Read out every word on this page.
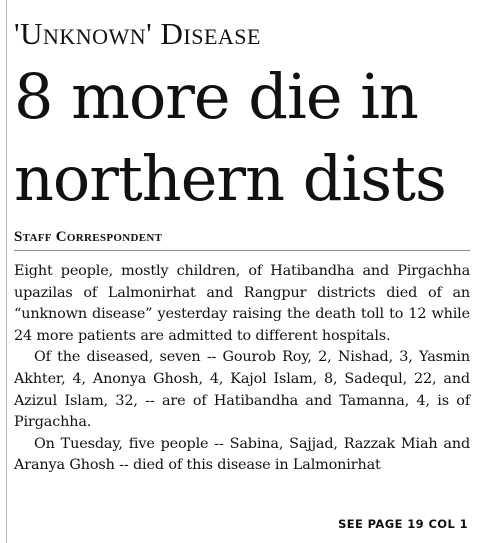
'Unknown' Disease
8 more die in
northern dists
Staff Correspondent

Eight people, mostly children, of Hatibandha and Pirgachha upazilas of Lalmonirhat and Rangpur districts died of an “unknown disease” yesterday raising the death toll to 12 while 24 more patients are admitted to different hospitals.

Of the diseased, seven -- Gourob Roy, 2, Nishad, 3, Yasmin Akhter, 4, Anonya Ghosh, 4, Kajol Islam, 8, Sadequl, 22, and Azizul Islam, 32, -- are of Hatibandha and Tamanna, 4, is of Pirgachha.

On Tuesday, five people -- Sabina, Sajjad, Razzak Miah and Aranya Ghosh -- died of this disease in Lalmonirhat

SEE PAGE 19 COL 1
